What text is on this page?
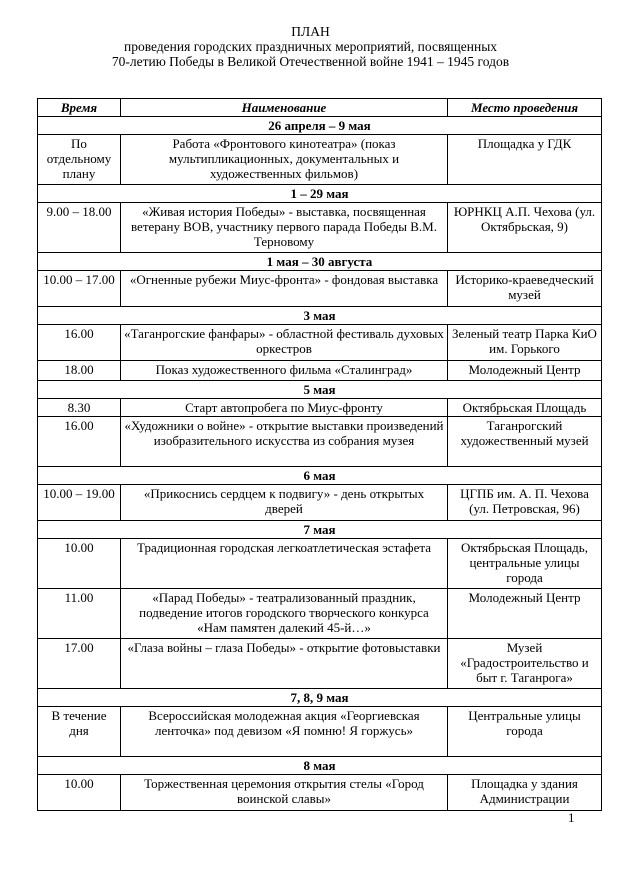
ПЛАН
проведения городских праздничных мероприятий, посвященных
70-летию Победы в Великой Отечественной войне 1941 – 1945 годов
Время	Наименование	Место проведения
26 апреля – 9 мая		
По отдельному плану	Работа «Фронтового кинотеатра» (показ мультипликационных, документальных и художественных фильмов)	Площадка у ГДК
1 – 29 мая		
9.00 – 18.00	«Живая история Победы» - выставка, посвященная ветерану ВОВ, участнику первого парада Победы В.М. Терновому	ЮРНКЦ А.П. Чехова (ул. Октябрьская, 9)
1 мая – 30 августа		
10.00 – 17.00	«Огненные рубежи Миус-фронта» - фондовая выставка	Историко-краеведческий музей
3 мая		
16.00	«Таганрогские фанфары» - областной фестиваль духовых оркестров	Зеленый театр Парка КиО им. Горького
18.00	Показ художественного фильма «Сталинград»	Молодежный Центр
5 мая		
8.30	Старт автопробега по Миус-фронту	Октябрьская Площадь
16.00	«Художники о войне» - открытие выставки произведений изобразительного искусства из собрания музея	Таганрогский художественный музей
6 мая		
10.00 – 19.00	«Прикоснись сердцем к подвигу» - день открытых дверей	ЦГПБ им. А. П. Чехова (ул. Петровская, 96)
7 мая		
10.00	Традиционная городская легкоатлетическая эстафета	Октябрьская Площадь, центральные улицы города
11.00	«Парад Победы» - театрализованный праздник, подведение итогов городского творческого конкурса «Нам памятен далекий 45-й…»	Молодежный Центр
17.00	«Глаза войны – глаза Победы» - открытие фотовыставки	Музей «Градостроительство и быт г. Таганрога»
7, 8, 9 мая		
В течение дня	Всероссийская молодежная акция «Георгиевская ленточка» под девизом «Я помню! Я горжусь»	Центральные улицы города
8 мая		
10.00	Торжественная церемония открытия стелы «Город воинской славы»	Площадка у здания Администрации
1
